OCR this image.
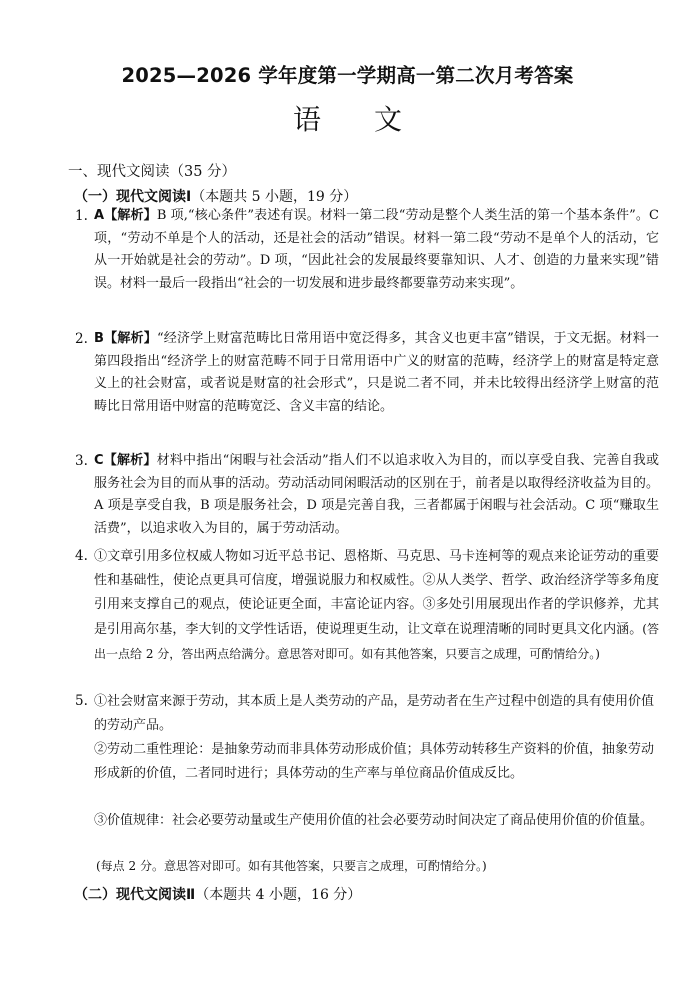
2025—2026 学年度第一学期高一第二次月考答案
语 文
一、现代文阅读（35 分）
（一）现代文阅读Ⅰ（本题共 5 小题，19 分）
1. A【解析】B 项,“核心条件”表述有误。材料一第二段“劳动是整个人类生活的第一个基本条件”。C 项，“劳动不单是个人的活动，还是社会的活动”错误。材料一第二段“劳动不是单个人的活动，它从一开始就是社会的劳动”。D 项，“因此社会的发展最终要靠知识、人才、创造的力量来实现”错误。材料一最后一段指出“社会的一切发展和进步最终都要靠劳动来实现”。
2. B【解析】“经济学上财富范畴比日常用语中宽泛得多，其含义也更丰富”错误，于文无据。材料一第四段指出“经济学上的财富范畴不同于日常用语中广义的财富的范畴，经济学上的财富是特定意义上的社会财富，或者说是财富的社会形式”，只是说二者不同，并未比较得出经济学上财富的范畴比日常用语中财富的范畴宽泛、含义丰富的结论。
3. C【解析】材料中指出“闲暇与社会活动”指人们不以追求收入为目的，而以享受自我、完善自我或服务社会为目的而从事的活动。劳动活动同闲暇活动的区别在于，前者是以取得经济收益为目的。A 项是享受自我，B 项是服务社会，D 项是完善自我，三者都属于闲暇与社会活动。C 项“赚取生活费”，以追求收入为目的，属于劳动活动。
4. ①文章引用多位权威人物如习近平总书记、恩格斯、马克思、马卡连柯等的观点来论证劳动的重要性和基础性，使论点更具可信度，增强说服力和权威性。②从人类学、哲学、政治经济学等多角度引用来支撑自己的观点，使论证更全面，丰富论证内容。③多处引用展现出作者的学识修养，尤其是引用高尔基，李大钊的文学性话语，使说理更生动，让文章在说理清晰的同时更具文化内涵。(答出一点给 2 分，答出两点给满分。意思答对即可。如有其他答案，只要言之成理，可酌情给分。)
5. ①社会财富来源于劳动，其本质上是人类劳动的产品，是劳动者在生产过程中创造的具有使用价值的劳动产品。
②劳动二重性理论：是抽象劳动而非具体劳动形成价值；具体劳动转移生产资料的价值，抽象劳动形成新的价值，二者同时进行；具体劳动的生产率与单位商品价值成反比。
③价值规律：社会必要劳动量或生产使用价值的社会必要劳动时间决定了商品使用价值的价值量。
(每点 2 分。意思答对即可。如有其他答案，只要言之成理，可酌情给分。)
（二）现代文阅读Ⅱ（本题共 4 小题，16 分）
